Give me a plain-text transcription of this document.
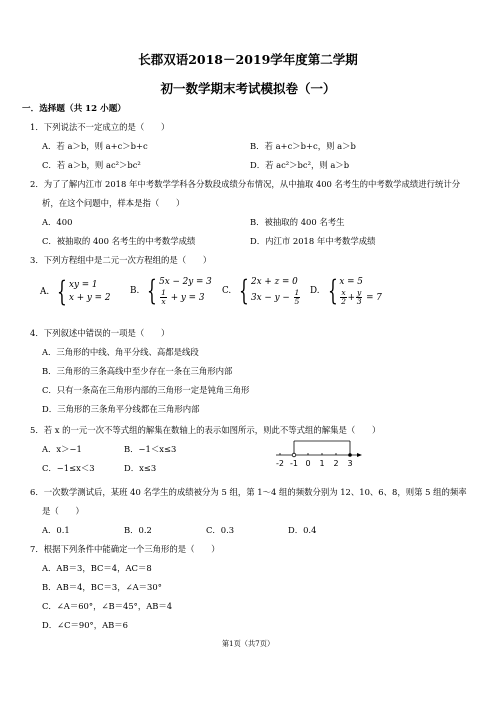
长郡双语2018－2019学年度第二学期
初一数学期末考试模拟卷（一）
一．选择题（共 12 小题）
1．下列说法不一定成立的是（　　）
A．若 a＞b，则 a+c＞b+c	B．若 a+c＞b+c，则 a＞b
C．若 a＞b，则 ac²＞bc²	D．若 ac²＞bc²，则 a＞b
2．为了了解内江市 2018 年中考数学学科各分数段成绩分布情况，从中抽取 400 名考生的中考数学成绩进行统计分
析，在这个问题中，样本是指（　　）
A．400	B．被抽取的 400 名考生
C．被抽取的 400 名考生的中考数学成绩	D．内江市 2018 年中考数学成绩
3．下列方程组中是二元一次方程组的是（　　）
A. { xy = 1
x + y = 2
B. { 5x − 2y = 3
$\frac{1}{x} + y = 3$
C. { 2x + z = 0
$3x - y - \frac{1}{5} D$. { x = 5
$\frac{x}{2} + \frac{y}{3} = 7$
4．下列叙述中错误的一项是（　　）
A．三角形的中线、角平分线、高都是线段
B．三角形的三条高线中至少存在一条在三角形内部
C．只有一条高在三角形内部的三角形一定是钝角三角形
D．三角形的三条角平分线都在三角形内部
5．若 x 的一元一次不等式组的解集在数轴上的表示如图所示，则此不等式组的解集是（　　）
A．x＞−1	B．−1＜x≤3
C．−1≤x＜3	D．x≤3	-2 -1 0 1 2 3
6．一次数学测试后，某班 40 名学生的成绩被分为 5 组，第 1～4 组的频数分别为 12、10、6、8，则第 5 组的频率
是（　　）
A．0.1	B．0.2	C．0.3	D．0.4
7．根据下列条件中能确定一个三角形的是（　　）
A．AB＝3，BC＝4，AC＝8
B．AB＝4，BC＝3，∠A＝30°
C．∠A＝60°，∠B＝45°，AB＝4
D．∠C＝90°，AB＝6
第1页（共7页）
